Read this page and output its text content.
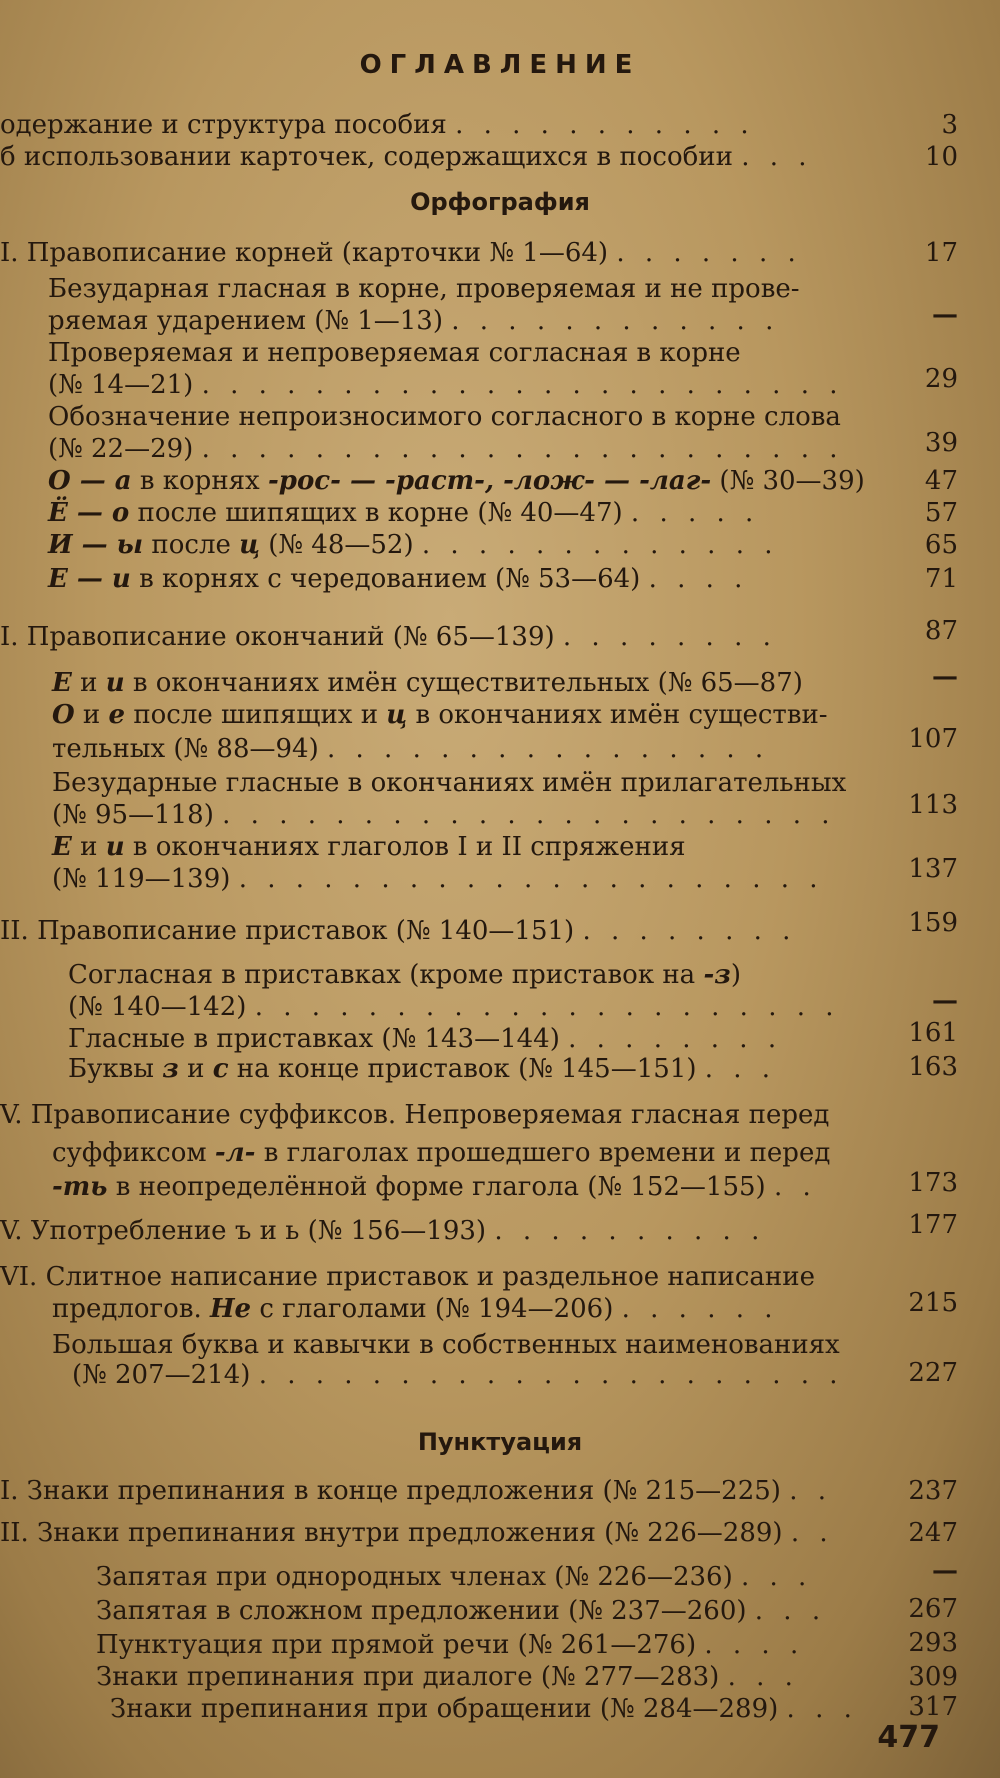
ОГЛАВЛЕНИЕ
одержание и структура пособия . . . . . . . . . . .	3
б использовании карточек, содержащихся в пособии . . .	10
Орфография
I. Правописание корней (карточки № 1—64) . . . . . . .	17
Безударная гласная в корне, проверяемая и не прове-
ряемая ударением (№ 1—13) . . . . . . . . . . . .	—
Проверяемая и непроверяемая согласная в корне
(№ 14—21) . . . . . . . . . . . . . . . . . . . . . . .	29
Обозначение непроизносимого согласного в корне слова
(№ 22—29) . . . . . . . . . . . . . . . . . . . . . . .	39
О — а в корнях -рос- — -раст-, -лож- — -лаг- (№ 30—39) 47
Ё — о после шипящих в корне (№ 40—47) . . . . .	57
И — ы после ц (№ 48—52) . . . . . . . . . . . . .	65
Е — и в корнях с чередованием (№ 53—64) . . . .	71
I. Правописание окончаний (№ 65—139) . . . . . . . .	87
Е и и в окончаниях имён существительных (№ 65—87)	—
О и е после шипящих и ц в окончаниях имён существи-
тельных (№ 88—94) . . . . . . . . . . . . . . . .	107
Безударные гласные в окончаниях имён прилагательных
(№ 95—118) . . . . . . . . . . . . . . . . . . . . . .	113
Е и и в окончаниях глаголов I и II спряжения
(№ 119—139) . . . . . . . . . . . . . . . . . . . . .	137
II. Правописание приставок (№ 140—151) . . . . . . . .	159
Согласная в приставках (кроме приставок на -з)
(№ 140—142) . . . . . . . . . . . . . . . . . . . . .	—
Гласные в приставках (№ 143—144) . . . . . . . .	161
Буквы з и с на конце приставок (№ 145—151) . . .	163
V. Правописание суффиксов. Непроверяемая гласная перед
суффиксом -л- в глаголах прошедшего времени и перед
-ть в неопределённой форме глагола (№ 152—155) . .	173
V. Употребление ъ и ь (№ 156—193) . . . . . . . . . .	177
VI. Слитное написание приставок и раздельное написание
предлогов. Не с глаголами (№ 194—206) . . . . . .	215
Большая буква и кавычки в собственных наименованиях
(№ 207—214) . . . . . . . . . . . . . . . . . . . . . 227
Пунктуация
I. Знаки препинания в конце предложения (№ 215—225) . .	237
II. Знаки препинания внутри предложения (№ 226—289) . .	247
Запятая при однородных членах (№ 226—236) . . .	—
Запятая в сложном предложении (№ 237—260) . . .	267
Пунктуация при прямой речи (№ 261—276) . . . .	293
Знаки препинания при диалоге (№ 277—283) . . .	309
Знаки препинания при обращении (№ 284—289) . . . 317
477
